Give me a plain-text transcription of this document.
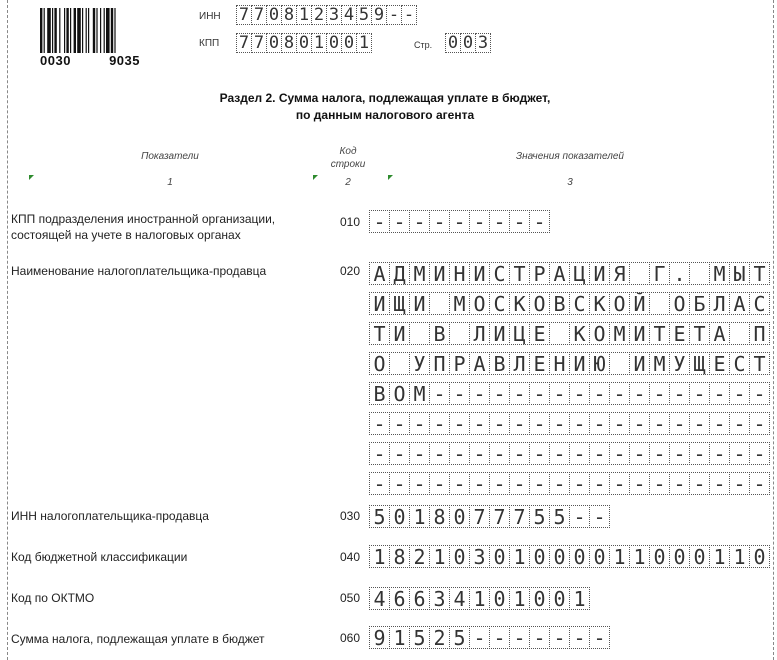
0030	9035
ИНН 7 7 0 8 1 2 3 4 5 9 - -
КПП 7 7 0 8 0 1 0 0 1	Стр. 0 0 3
Раздел 2. Сумма налога, подлежащая уплате в бюджет,
по данным налогового агента
Показатели
1
Код
строки
2
Значения показателей
3
КПП подразделения иностранной организации,
состоящей на учете в налоговых органах
010 - - - - - - - - -
Наименование налогоплательщика-продавца	020 А Д М И Н И С Т Р А Ц И Я Г . М Ы Т
И Щ И М О С К О В С К О Й О Б Л А С
Т И В Л И Ц Е К О М И Т Е Т А П
О У П Р А В Л Е Н И Ю И М У Щ Е С Т
В О М - - - - - - - - - - - - - - - - -
- - - - - - - - - - - - - - - - - - - -
- - - - - - - - - - - - - - - - - - - -
- - - - - - - - - - - - - - - - - - - -
ИНН налогоплательщика-продавца	030 5 0 1 8 0 7 7 7 5 5 - -
Код бюджетной классификации	040 1 8 2 1 0 3 0 1 0 0 0 0 1 1 0 0 0 1 1 0
Код по ОКТМО	050 4 6 6 3 4 1 0 1 0 0 1
Сумма налога, подлежащая уплате в бюджет	060 9 1 5 2 5 - - - - - - -
